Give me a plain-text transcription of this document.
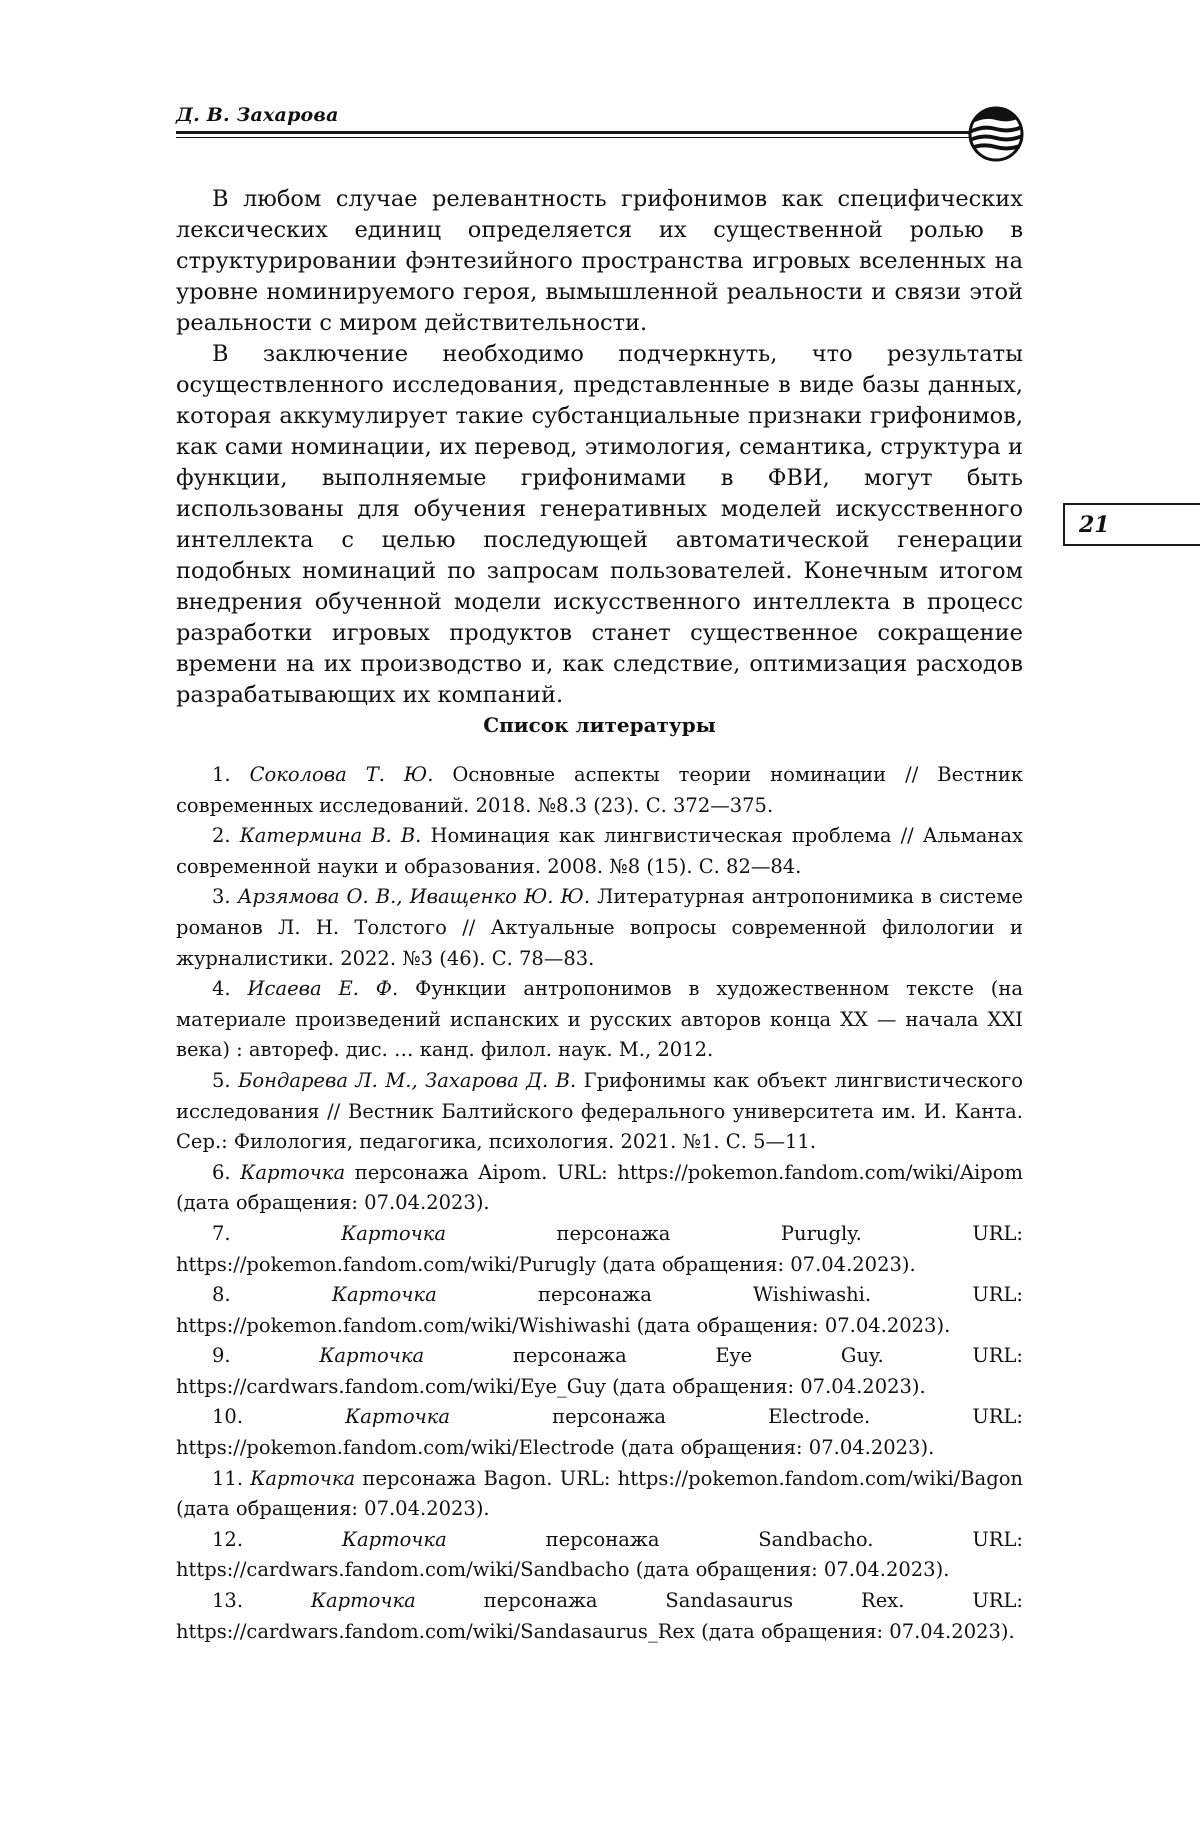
Д. В. Захарова
21

В любом случае релевантность грифонимов как специфических лексических единиц определяется их существенной ролью в структурировании фэнтезийного пространства игровых вселенных на уровне номинируемого героя, вымышленной реальности и связи этой реальности с миром действительности.

В заключение необходимо подчеркнуть, что результаты осуществленного исследования, представленные в виде базы данных, которая аккумулирует такие субстанциальные признаки грифонимов, как сами номинации, их перевод, этимология, семантика, структура и функции, выполняемые грифонимами в ФВИ, могут быть использованы для обучения генеративных моделей искусственного интеллекта с целью последующей автоматической генерации подобных номинаций по запросам пользователей. Конечным итогом внедрения обученной модели искусственного интеллекта в процесс разработки игровых продуктов станет существенное сокращение времени на их производство и, как следствие, оптимизация расходов разрабатывающих их компаний.

Список литературы
1. Соколова Т. Ю. Основные аспекты теории номинации // Вестник современных исследований. 2018. №8.3 (23). С. 372—375.
2. Катермина В. В. Номинация как лингвистическая проблема // Альманах современной науки и образования. 2008. №8 (15). С. 82—84.
3. Арзямова О. В., Иващенко Ю. Ю. Литературная антропонимика в системе романов Л. Н. Толстого // Актуальные вопросы современной филологии и журналистики. 2022. №3 (46). С. 78—83.
4. Исаева Е. Ф. Функции антропонимов в художественном тексте (на материале произведений испанских и русских авторов конца XX — начала XXI века) : автореф. дис. … канд. филол. наук. М., 2012.
5. Бондарева Л. М., Захарова Д. В. Грифонимы как объект лингвистического исследования // Вестник Балтийского федерального университета им. И. Канта. Сер.: Филология, педагогика, психология. 2021. №1. С. 5—11.
6. Карточка персонажа Aipom. URL: https://pokemon.fandom.com/wiki/Aipom (дата обращения: 07.04.2023).
7.	Карточка персонажа Purugly. URL: https://pokemon.fandom.com/wiki/Purugly (дата обращения: 07.04.2023).
8.	Карточка персонажа Wishiwashi. URL: https://pokemon.fandom.com/wiki/Wishiwashi (дата обращения: 07.04.2023).
9.	Карточка персонажа Eye Guy. URL: https://cardwars.fandom.com/wiki/Eye_Guy (дата обращения: 07.04.2023).
10.	Карточка персонажа Electrode. URL: https://pokemon.fandom.com/wiki/Electrode (дата обращения: 07.04.2023).
11. Карточка персонажа Bagon. URL: https://pokemon.fandom.com/wiki/Bagon (дата обращения: 07.04.2023).
12.	Карточка персонажа Sandbacho. URL: https://cardwars.fandom.com/wiki/Sandbacho (дата обращения: 07.04.2023).
13.	Карточка персонажа Sandasaurus Rex. URL: https://cardwars.fandom.com/wiki/Sandasaurus_Rex (дата обращения: 07.04.2023).
